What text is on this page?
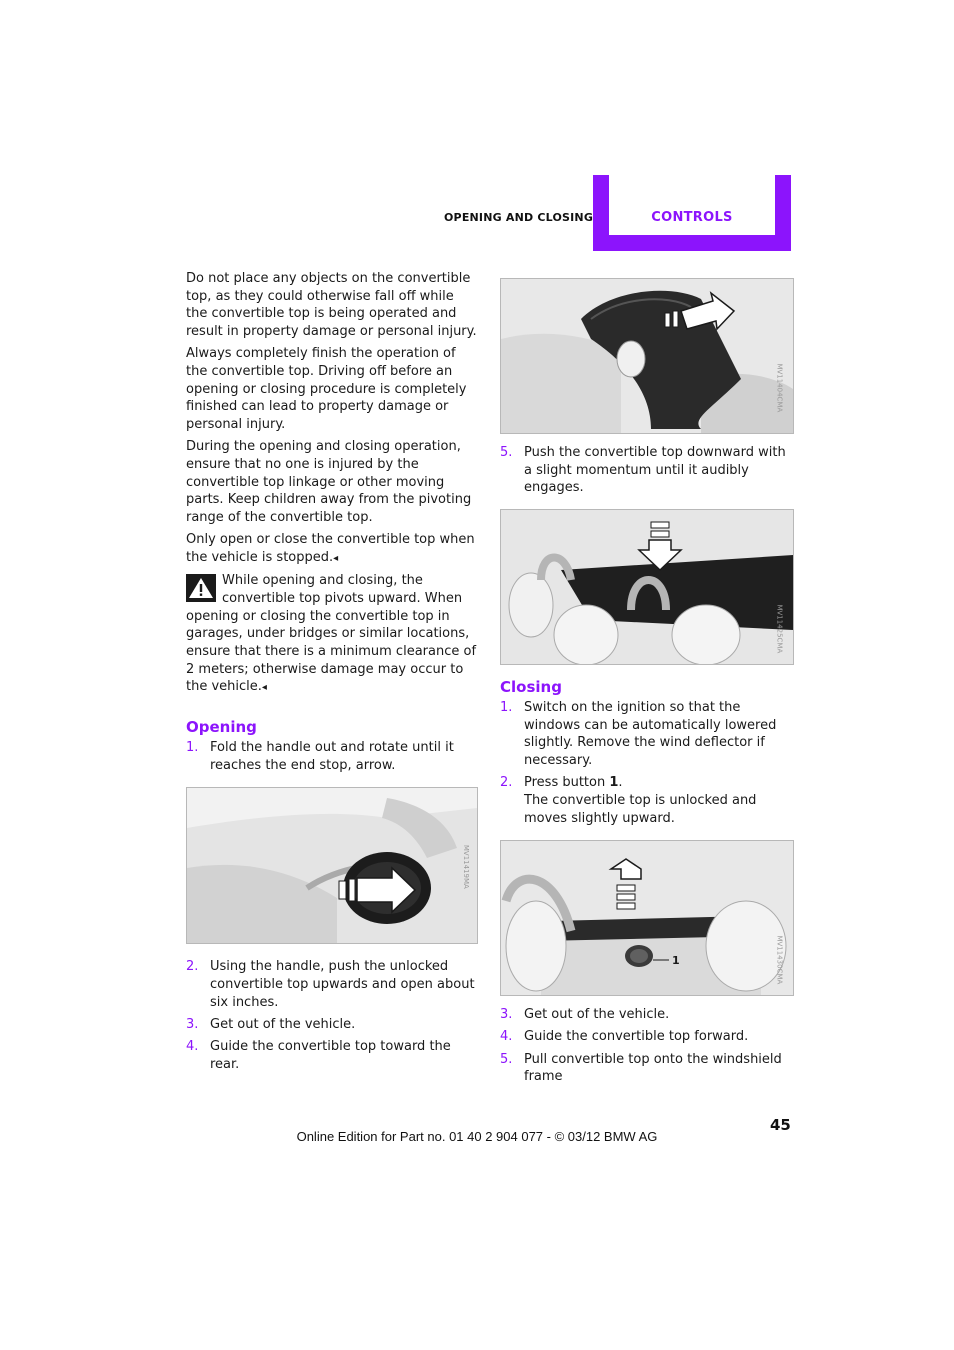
OPENING AND CLOSING	CONTROLS

Do not place any objects on the convertible top, as they could otherwise fall off while the convertible top is being operated and result in property damage or personal injury.

Always completely finish the operation of the convertible top. Driving off before an opening or closing procedure is completely finished can lead to property damage or personal injury.

During the opening and closing operation, ensure that no one is injured by the convertible top linkage or other moving parts. Keep children away from the pivoting range of the convertible top.

Only open or close the convertible top when the vehicle is stopped.◂

While opening and closing, the convertible top pivots upward. When opening or closing the convertible top in garages, under bridges or similar locations, ensure that there is a minimum clearance of 2 meters; otherwise damage may occur to the vehicle.◂
Opening
1. Fold the handle out and rotate until it reaches the end stop, arrow.
MV11419MA
2. Using the handle, push the unlocked convertible top upwards and open about six inches.
3. Get out of the vehicle.
4. Guide the convertible top toward the rear.
MV11404CMA
5. Push the convertible top downward with a slight momentum until it audibly engages.
MV11425CMA
Closing
1. Switch on the ignition so that the windows can be automatically lowered slightly. Remove the wind deflector if necessary.
2. Press button 1.
The convertible top is unlocked and moves slightly upward.
1	MV11430CMA
3. Get out of the vehicle.
4. Guide the convertible top forward.
5. Pull convertible top onto the windshield frame
45
Online Edition for Part no. 01 40 2 904 077 - © 03/12 BMW AG
